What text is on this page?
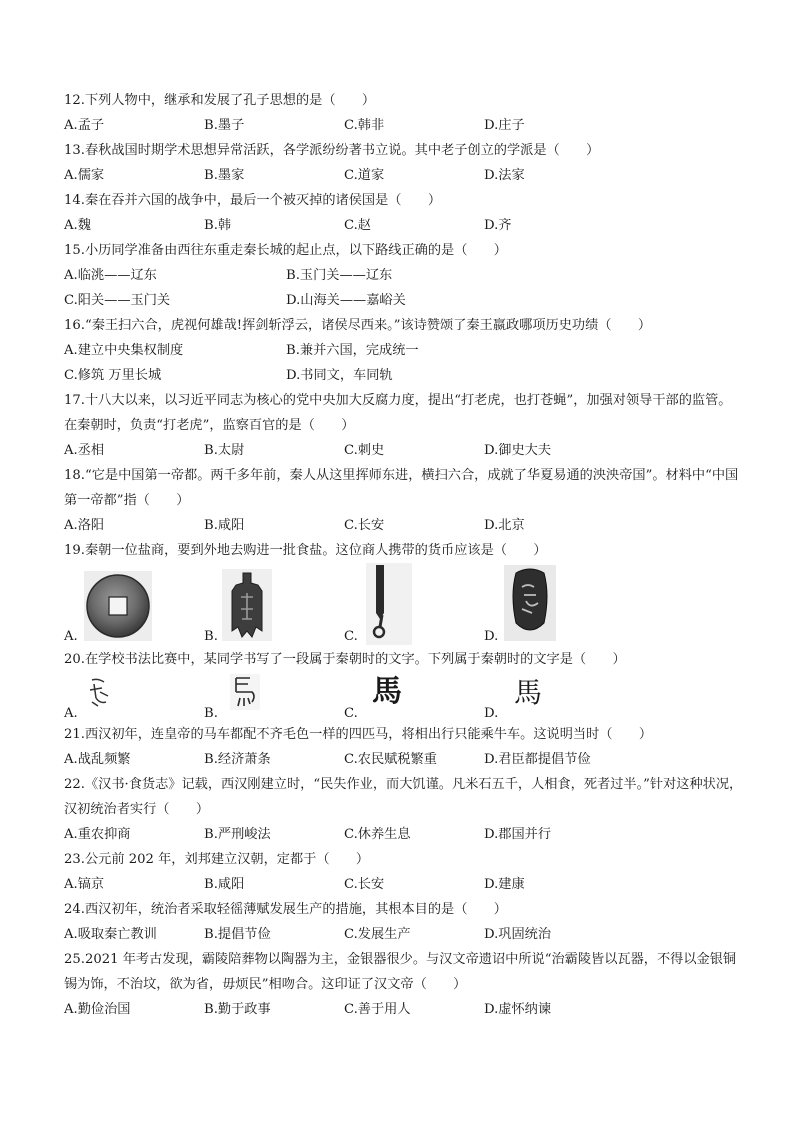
12.下列人物中，继承和发展了孔子思想的是（　　）
A.孟子	B.墨子	C.韩非	D.庄子
13.春秋战国时期学术思想异常活跃，各学派纷纷著书立说。其中老子创立的学派是（　　）
A.儒家	B.墨家	C.道家	D.法家
14.秦在吞并六国的战争中，最后一个被灭掉的诸侯国是（　　）
A.魏	B.韩	C.赵	D.齐
15.小历同学准备由西往东重走秦长城的起止点，以下路线正确的是（　　）
A.临洮——辽东	B.玉门关——辽东
C.阳关——玉门关	D.山海关——嘉峪关
16.“秦王扫六合，虎视何雄哉!挥剑斩浮云，诸侯尽西来。”该诗赞颂了秦王嬴政哪项历史功绩（　　）
A.建立中央集权制度	B.兼并六国，完成统一
C.修筑 万里长城	D.书同文，车同轨
17.十八大以来，以习近平同志为核心的党中央加大反腐力度，提出“打老虎，也打苍蝇”，加强对领导干部的监管。在秦朝时，负责“打老虎”，监察百官的是（　　）
A.丞相	B.太尉	C.刺史	D.御史大夫
18.“它是中国第一帝都。两千多年前，秦人从这里挥师东进，横扫六合，成就了华夏易通的泱泱帝国”。材料中“中国第一帝都”指（　　）
A.洛阳	B.咸阳	C.长安	D.北京
19.秦朝一位盐商，要到外地去购进一批食盐。这位商人携带的货币应该是（　　）
A.	B.	C.	D.
20.在学校书法比赛中，某同学书写了一段属于秦朝时的文字。下列属于秦朝时的文字是（　　）
A.	B.	C.
馬
D.
馬
21.西汉初年，连皇帝的马车都配不齐毛色一样的四匹马，将相出行只能乘牛车。这说明当时（　　）
A.战乱频繁	B.经济萧条	C.农民赋税繁重	D.君臣都提倡节俭
22.《汉书·食货志》记载，西汉刚建立时，“民失作业，而大饥谨。凡米石五千，人相食，死者过半。”针对这种状况，汉初统治者实行（　　）
A.重农抑商	B.严刑峻法	C.休养生息	D.郡国并行
23.公元前 202 年，刘邦建立汉朝，定都于（　　）
A.镐京	B.咸阳	C.长安	D.建康
24.西汉初年，统治者采取轻徭薄赋发展生产的措施，其根本目的是（　　）
A.吸取秦亡教训	B.提倡节俭	C.发展生产	D.巩固统治
25.2021 年考古发现，霸陵陪葬物以陶器为主，金银器很少。与汉文帝遗诏中所说“治霸陵皆以瓦器，不得以金银铜锡为饰，不治坟，欲为省，毋烦民”相吻合。这印证了汉文帝（　　）
A.勤俭治国	B.勤于政事	C.善于用人	D.虚怀纳谏
